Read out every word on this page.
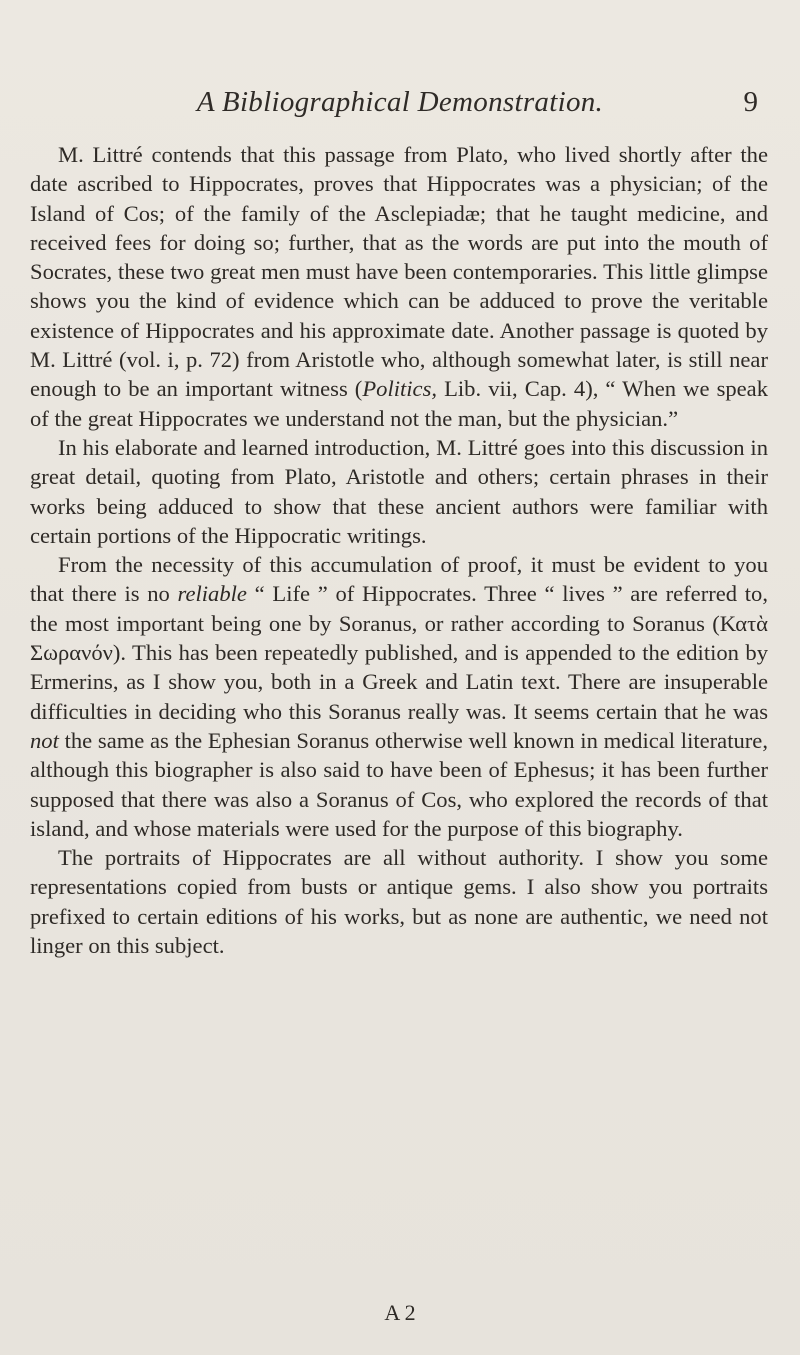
A Bibliographical Demonstration.	9

M. Littré contends that this passage from Plato, who lived shortly after the date ascribed to Hippocrates, proves that Hippocrates was a physician; of the Island of Cos; of the family of the Asclepiadæ; that he taught medicine, and received fees for doing so; further, that as the words are put into the mouth of Socrates, these two great men must have been contemporaries. This little glimpse shows you the kind of evidence which can be adduced to prove the veritable existence of Hippocrates and his approximate date. Another passage is quoted by M. Littré (vol. i, p. 72) from Aristotle who, although somewhat later, is still near enough to be an important witness (Politics, Lib. vii, Cap. 4), “ When we speak of the great Hippocrates we understand not the man, but the physician.”

In his elaborate and learned introduction, M. Littré goes into this discussion in great detail, quoting from Plato, Aristotle and others; certain phrases in their works being adduced to show that these ancient authors were familiar with certain portions of the Hippocratic writings.

From the necessity of this accumulation of proof, it must be evident to you that there is no reliable “ Life ” of Hippocrates. Three “ lives ” are referred to, the most important being one by Soranus, or rather according to Soranus (Κατὰ Σωρανόν). This has been repeatedly published, and is appended to the edition by Ermerins, as I show you, both in a Greek and Latin text. There are insuperable difficulties in deciding who this Soranus really was. It seems certain that he was not the same as the Ephesian Soranus otherwise well known in medical literature, although this biographer is also said to have been of Ephesus; it has been further supposed that there was also a Soranus of Cos, who explored the records of that island, and whose materials were used for the purpose of this biography.

The portraits of Hippocrates are all without authority. I show you some representations copied from busts or antique gems. I also show you portraits prefixed to certain editions of his works, but as none are authentic, we need not linger on this subject.

A 2
